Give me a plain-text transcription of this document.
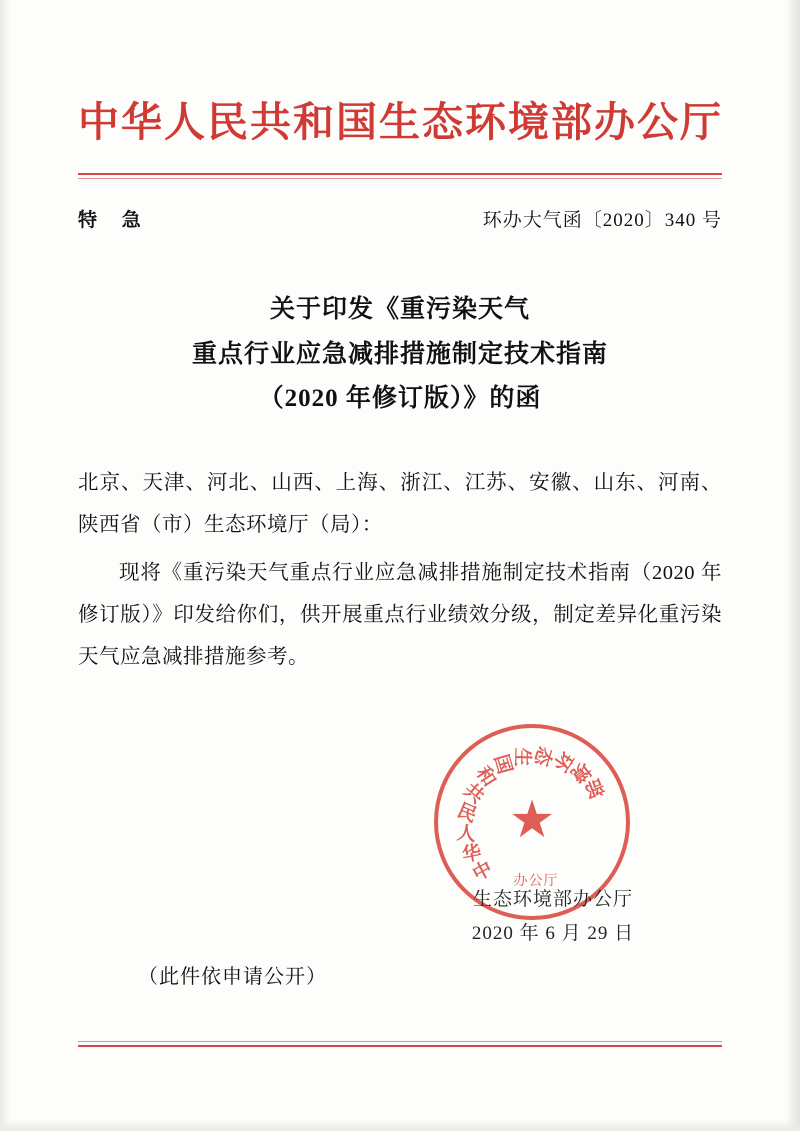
中华人民共和国生态环境部办公厅
特 急	环办大气函〔2020〕340 号
关于印发《重污染天气
重点行业应急减排措施制定技术指南
（2020 年修订版）》的函
北京、天津、河北、山西、上海、浙江、江苏、安徽、山东、河南、陕西省（市）生态环境厅（局）：
现将《重污染天气重点行业应急减排措施制定技术指南（2020 年修订版）》印发给你们，供开展重点行业绩效分级，制定差异化重污染天气应急减排措施参考。
中
华
人
民
共
和
国
生
态
环
境
部
★
办公厅
生态环境部办公厅
2020 年 6 月 29 日
（此件依申请公开）
